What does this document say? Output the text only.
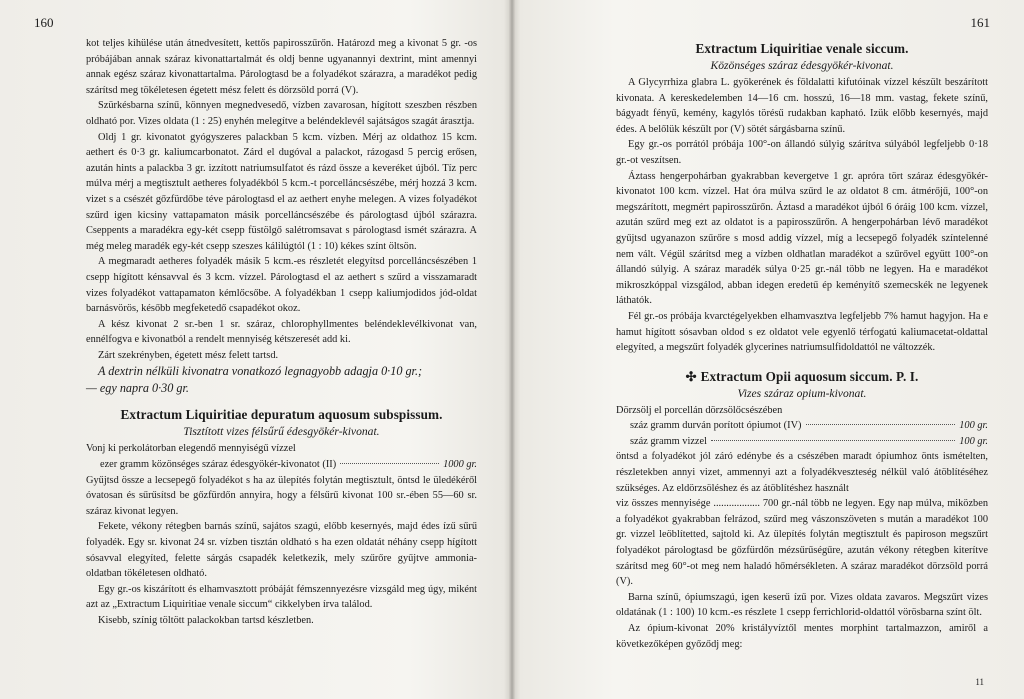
160

kot teljes kihülése után átnedvesített, kettős papirosszűrőn. Határozd meg a kivonat 5 gr. -os próbájában annak száraz kivonattartalmát és oldj benne ugyanannyi dextrint, mint amennyi annak egész száraz kivonattartalma. Párologtasd be a folyadékot szárazra, a maradékot pedig szárítsd meg tökéletesen égetett mész felett és dörzsöld porrá (V).

Szürkésbarna színű, könnyen megnedvesedő, vízben zavarosan, hígított szeszben részben oldható por. Vizes oldata (1 : 25) enyhén melegítve a beléndeklevél sajátságos szagát árasztja.

Oldj 1 gr. kivonatot gyógyszeres palackban 5 kcm. vízben. Mérj az oldathoz 15 kcm. aethert és 0·3 gr. kaliumcarbonatot. Zárd el dugóval a palackot, rázogasd 5 percig erősen, azután hints a palackba 3 gr. izzított natriumsulfatot és rázd össze a keveréket újból. Tíz perc múlva mérj a megtisztult aetheres folyadékból 5 kcm.-t porcelláncsészébe, mérj hozzá 3 kcm. vizet s a csészét gőzfürdőbe téve párologtasd el az aethert enyhe melegen. A vizes folyadékot szűrd igen kicsiny vattapamaton másik porcelláncsészébe és párologtasd újból szárazra. Cseppents a maradékra egy-két csepp füstölgő salétromsavat s párologtasd ismét szárazra. A még meleg maradék egy-két csepp szeszes kálilúgtól (1 : 10) kékes színt öltsön.

A megmaradt aetheres folyadék másik 5 kcm.-es részletét elegyítsd porcelláncsészében 1 csepp hígított kénsavval és 3 kcm. vízzel. Párologtasd el az aethert s szűrd a visszamaradt vizes folyadékot vattapamaton kémlőcsőbe. A folyadékban 1 csepp kaliumjodidos jód-oldat barnásvörös, később megfeketedő csapadékot okoz.

A kész kivonat 2 sr.-ben 1 sr. száraz, chlorophyllmentes beléndeklevélkivonat van, ennélfogva e kivonatból a rendelt mennyiség kétszeresét add ki.

Zárt szekrényben, égetett mész felett tartsd.

A dextrin nélküli kivonatra vonatkozó legnagyobb adagja 0·10 gr.;

— egy napra 0·30 gr.

Extractum Liquiritiae depuratum aquosum subspissum.
Tisztított vizes félsűrű édesgyökér-kivonat.

Vonj ki perkolátorban elegendő mennyiségű vízzel

ezer gramm közönséges száraz édesgyökér-kivonatot (II)	1000 gr.

Gyűjtsd össze a lecsepegő folyadékot s ha az ülepítés folytán megtisztult, öntsd le üledékéről óvatosan és sűrűsítsd be gőzfürdőn annyira, hogy a félsűrű kivonat 100 sr.-ében 55—60 sr. száraz kivonat legyen.

Fekete, vékony rétegben barnás színű, sajátos szagú, előbb kesernyés, majd édes ízű sűrű folyadék. Egy sr. kivonat 24 sr. vízben tisztán oldható s ha ezen oldatát néhány csepp hígított sósavval elegyíted, felette sárgás csapadék keletkezik, mely szűrőre gyűjtve ammonia-oldatban tökéletesen oldható.

Egy gr.-os kiszárított és elhamvasztott próbáját fémszennyezésre vizsgáld meg úgy, miként azt az „Extractum Liquiritiae venale siccum“ cikkelyben írva találod.

Kisebb, színig töltött palackokban tartsd készletben.

161
Extractum Liquiritiae venale siccum.
Közönséges száraz édesgyökér-kivonat.

A Glycyrrhiza glabra L. gyökerének és földalatti kifutóinak vízzel készült beszárított kivonata. A kereskedelemben 14—16 cm. hosszú, 16—18 mm. vastag, fekete színű, bágyadt fényű, kemény, kagylós törésű rudakban kapható. Izük előbb kesernyés, majd édes. A belőlük készült por (V) sötét sárgásbarna színű.

Egy gr.-os porrától próbája 100°-on állandó súlyig szárítva súlyából legfeljebb 0·18 gr.-ot veszítsen.

Áztass hengerpohárban gyakrabban kevergetve 1 gr. apróra tört száraz édesgyökér-kivonatot 100 kcm. vízzel. Hat óra múlva szűrd le az oldatot 8 cm. átmérőjű, 100°-on megszárított, megmért papirosszűrőn. Áztasd a maradékot újból 6 óráig 100 kcm. vízzel, azután szűrd meg ezt az oldatot is a papirosszűrőn. A hengerpohárban lévő maradékot gyűjtsd ugyanazon szűrőre s mosd addig vízzel, míg a lecsepegő folyadék színtelenné nem vált. Végül szárítsd meg a vízben oldhatlan maradékot a szűrővel együtt 100°-on állandó súlyig. A száraz maradék súlya 0·25 gr.-nál több ne legyen. Ha e maradékot mikroszkóppal vizsgálod, abban idegen eredetű ép keményítő szemecskék ne legyenek láthatók.

Fél gr.-os próbája kvarctégelyekben elhamvasztva legfeljebb 7% hamut hagyjon. Ha e hamut hígított sósavban oldod s ez oldatot vele egyenlő térfogatú kaliumacetat-oldattal elegyíted, a megszűrt folyadék glycerines natriumsulfidoldattól ne változzék.

✣ Extractum Opii aquosum siccum. P. I.
Vizes száraz opium-kivonat.

Dörzsölj el porcellán dörzsölőcsészében

száz gramm durván porított ópiumot (IV)	100 gr.
száz gramm vizzel	100 gr.

öntsd a folyadékot jól záró edénybe és a csészében maradt ópiumhoz önts ismételten, részletekben annyi vizet, ammennyi azt a folyadékveszteség nélkül való átöblítéséhez szükséges. Az eldörzsöléshez és az átöblítéshez használt

viz összes mennyisége .................. 700 gr.-nál több ne legyen. Egy nap múlva, miközben a folyadékot gyakrabban felrázod, szűrd meg vászonszöveten s mután a maradékot 100 gr. vizzel leöblítetted, sajtold ki. Az ülepítés folytán megtisztult és papiroson megszűrt folyadékot párologtasd be gőzfürdőn mézsűrűségűre, azután vékony rétegben kiterítve szárítsd meg 60°-ot meg nem haladó hőmérsékleten. A száraz maradékot dörzsöld porrá (V).

Barna színű, ópiumszagú, igen keserű ízű por. Vizes oldata zavaros. Megszűrt vizes oldatának (1 : 100) 10 kcm.-es részlete 1 csepp ferrichlorid-oldattól vörösbarna színt ölt.

Az ópium-kivonat 20% kristályvíztől mentes morphint tartalmazzon, amiről a következőképen győződj meg:

11
